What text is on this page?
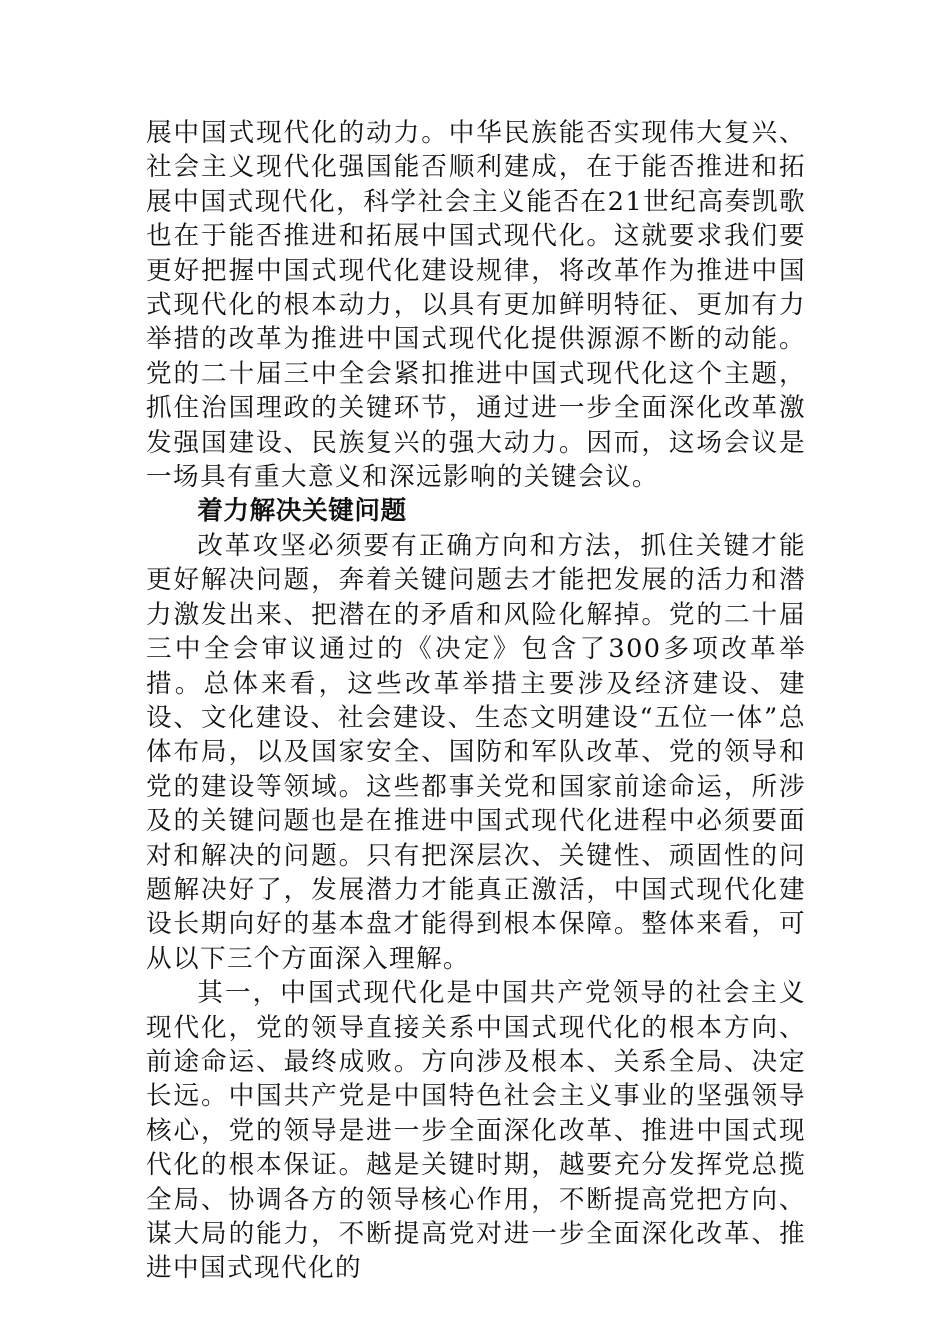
展中国式现代化的动力。中华民族能否实现伟大复兴、社会主义现代化强国能否顺利建成，在于能否推进和拓展中国式现代化，科学社会主义能否在21世纪高奏凯歌也在于能否推进和拓展中国式现代化。这就要求我们要更好把握中国式现代化建设规律，将改革作为推进中国式现代化的根本动力，以具有更加鲜明特征、更加有力举措的改革为推进中国式现代化提供源源不断的动能。党的二十届三中全会紧扣推进中国式现代化这个主题，抓住治国理政的关键环节，通过进一步全面深化改革激发强国建设、民族复兴的强大动力。因而，这场会议是一场具有重大意义和深远影响的关键会议。

着力解决关键问题

改革攻坚必须要有正确方向和方法，抓住关键才能更好解决问题，奔着关键问题去才能把发展的活力和潜力激发出来、把潜在的矛盾和风险化解掉。党的二十届三中全会审议通过的《决定》包含了300多项改革举措。总体来看，这些改革举措主要涉及经济建设、建设、文化建设、社会建设、生态文明建设“五位一体”总体布局，以及国家安全、国防和军队改革、党的领导和党的建设等领域。这些都事关党和国家前途命运，所涉及的关键问题也是在推进中国式现代化进程中必须要面对和解决的问题。只有把深层次、关键性、顽固性的问题解决好了，发展潜力才能真正激活，中国式现代化建设长期向好的基本盘才能得到根本保障。整体来看，可从以下三个方面深入理解。

其一，中国式现代化是中国共产党领导的社会主义现代化，党的领导直接关系中国式现代化的根本方向、前途命运、最终成败。方向涉及根本、关系全局、决定长远。中国共产党是中国特色社会主义事业的坚强领导核心，党的领导是进一步全面深化改革、推进中国式现代化的根本保证。越是关键时期，越要充分发挥党总揽全局、协调各方的领导核心作用，不断提高党把方向、谋大局的能力，不断提高党对进一步全面深化改革、推进中国式现代化的
